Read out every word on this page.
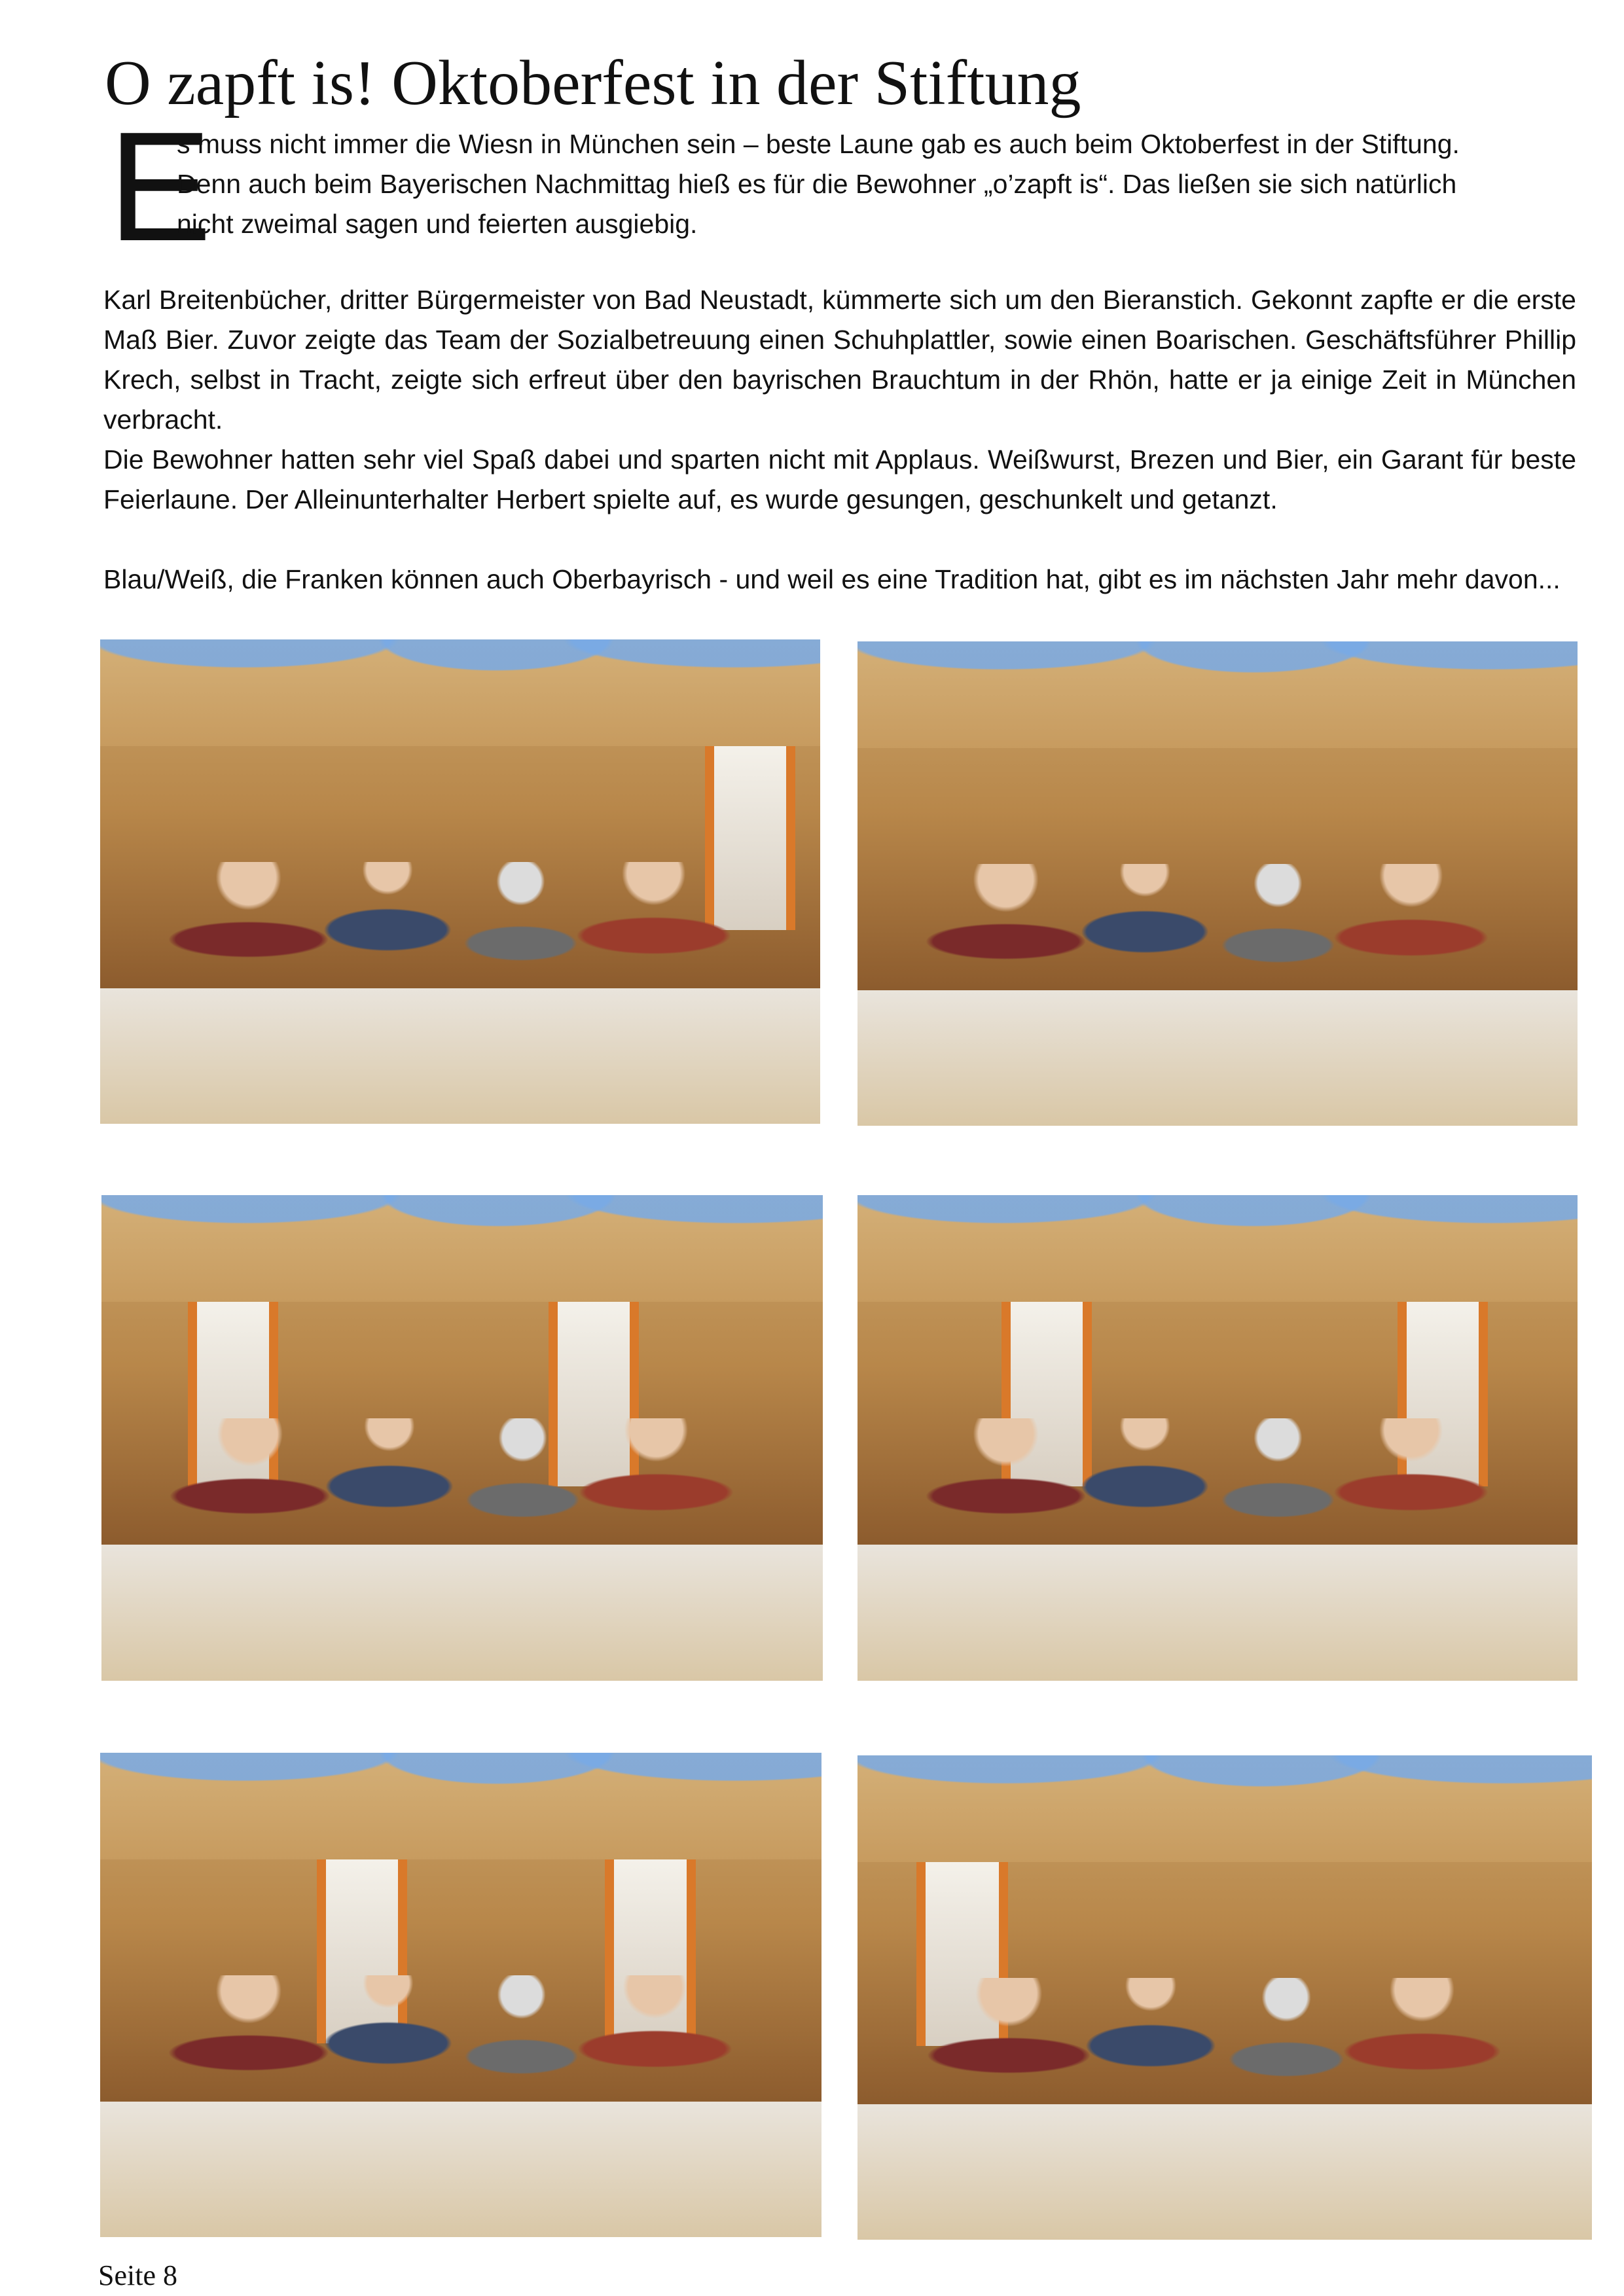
O zapft is! Oktoberfest in der Stiftung
E

s muss nicht immer die Wiesn in München sein – beste Laune gab es auch beim Oktoberfest in der Stiftung.

Denn auch beim Bayerischen Nachmittag hieß es für die Bewohner „o’zapft is“. Das ließen sie sich natürlich

nicht zweimal sagen und feierten ausgiebig.

Karl Breitenbücher, dritter Bürgermeister von Bad Neustadt, kümmerte sich um den Bieranstich. Gekonnt zapfte er die erste Maß Bier. Zuvor zeigte das Team der Sozialbetreuung einen Schuhplattler, sowie einen Boarischen. Geschäftsführer Phillip Krech, selbst in Tracht, zeigte sich erfreut über den bayrischen Brauchtum in der Rhön, hatte er ja einige Zeit in München verbracht.

Die Bewohner hatten sehr viel Spaß dabei und sparten nicht mit Applaus. Weißwurst, Brezen und Bier, ein Garant für beste Feierlaune. Der Alleinunterhalter Herbert spielte auf, es wurde gesungen, geschunkelt und getanzt.

Blau/Weiß, die Franken können auch Oberbayrisch - und weil es eine Tradition hat, gibt es im nächsten Jahr mehr davon...

Seite 8
